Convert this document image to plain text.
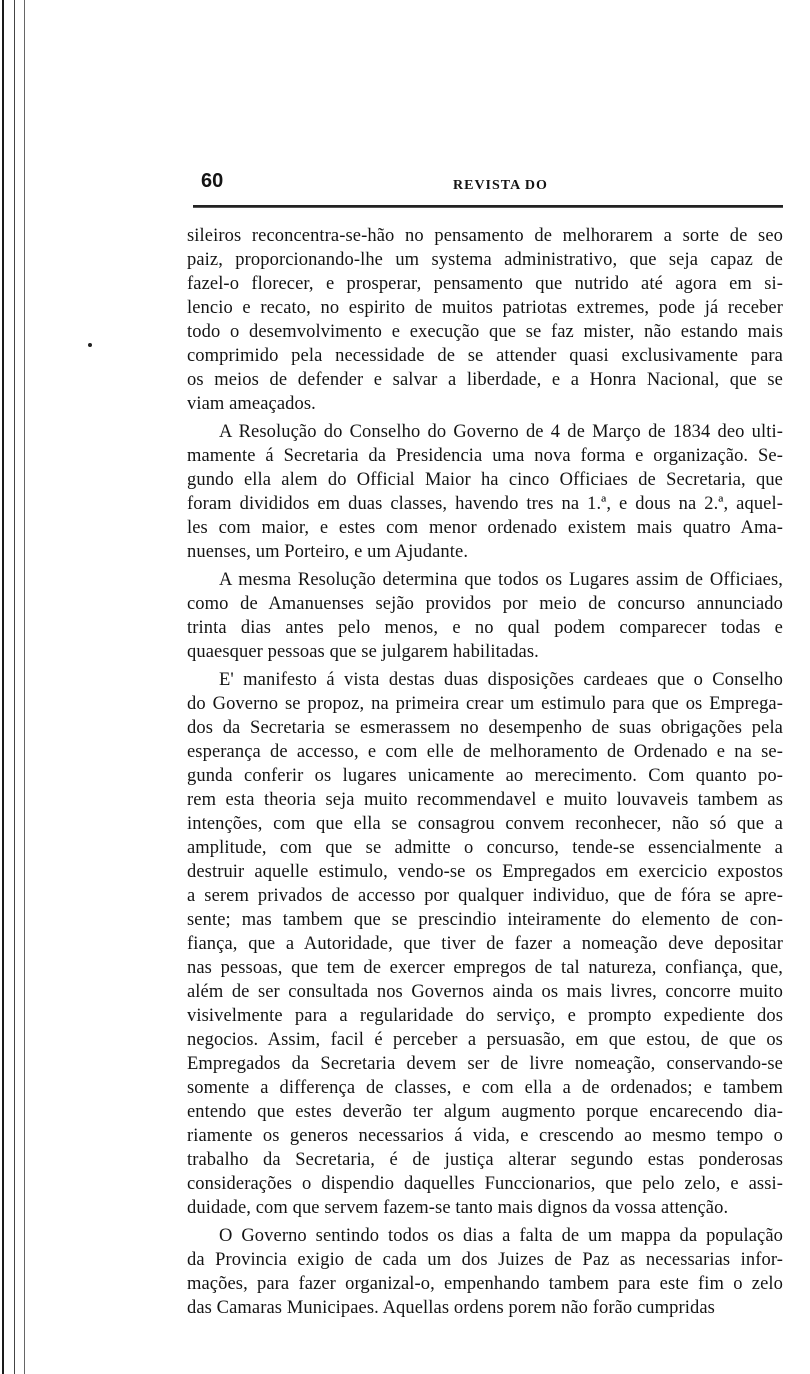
60	REVISTA DO
sileiros reconcentra-se-hão no pensamento de melhorarem a sorte de seo
paiz, proporcionando-lhe um systema administrativo, que seja capaz de
fazel-o florecer, e prosperar, pensamento que nutrido até agora em si-
lencio e recato, no espirito de muitos patriotas extremes, pode já receber
todo o desemvolvimento e execução que se faz mister, não estando mais
comprimido pela necessidade de se attender quasi exclusivamente para
os meios de defender e salvar a liberdade, e a Honra Nacional, que se
viam ameaçados.
A Resolução do Conselho do Governo de 4 de Março de 1834 deo ulti-
mamente á Secretaria da Presidencia uma nova forma e organização. Se-
gundo ella alem do Official Maior ha cinco Officiaes de Secretaria, que
foram divididos em duas classes, havendo tres na 1.ª, e dous na 2.ª, aquel-
les com maior, e estes com menor ordenado existem mais quatro Ama-
nuenses, um Porteiro, e um Ajudante.
A mesma Resolução determina que todos os Lugares assim de Officiaes,
como de Amanuenses sejão providos por meio de concurso annunciado
trinta dias antes pelo menos, e no qual podem comparecer todas e
quaesquer pessoas que se julgarem habilitadas.
E' manifesto á vista destas duas disposições cardeaes que o Conselho
do Governo se propoz, na primeira crear um estimulo para que os Emprega-
dos da Secretaria se esmerassem no desempenho de suas obrigações pela
esperança de accesso, e com elle de melhoramento de Ordenado e na se-
gunda conferir os lugares unicamente ao merecimento. Com quanto po-
rem esta theoria seja muito recommendavel e muito louvaveis tambem as
intenções, com que ella se consagrou convem reconhecer, não só que a
amplitude, com que se admitte o concurso, tende-se essencialmente a
destruir aquelle estimulo, vendo-se os Empregados em exercicio expostos
a serem privados de accesso por qualquer individuo, que de fóra se apre-
sente; mas tambem que se prescindio inteiramente do elemento de con-
fiança, que a Autoridade, que tiver de fazer a nomeação deve depositar
nas pessoas, que tem de exercer empregos de tal natureza, confiança, que,
além de ser consultada nos Governos ainda os mais livres, concorre muito
visivelmente para a regularidade do serviço, e prompto expediente dos
negocios. Assim, facil é perceber a persuasão, em que estou, de que os
Empregados da Secretaria devem ser de livre nomeação, conservando-se
somente a differença de classes, e com ella a de ordenados; e tambem
entendo que estes deverão ter algum augmento porque encarecendo dia-
riamente os generos necessarios á vida, e crescendo ao mesmo tempo o
trabalho da Secretaria, é de justiça alterar segundo estas ponderosas
considerações o dispendio daquelles Funccionarios, que pelo zelo, e assi-
duidade, com que servem fazem-se tanto mais dignos da vossa attenção.
O Governo sentindo todos os dias a falta de um mappa da população
da Provincia exigio de cada um dos Juizes de Paz as necessarias infor-
mações, para fazer organizal-o, empenhando tambem para este fim o zelo
das Camaras Municipaes. Aquellas ordens porem não forão cumpridas
